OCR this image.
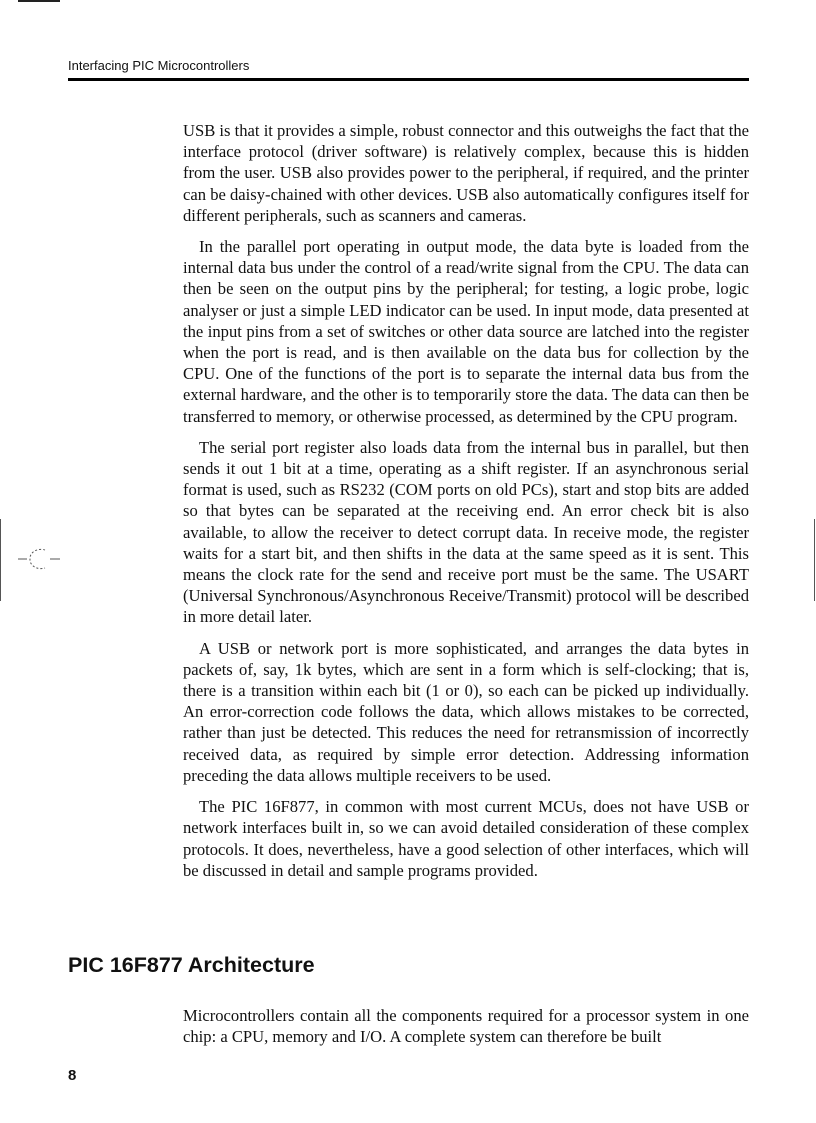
Interfacing PIC Microcontrollers

USB is that it provides a simple, robust connector and this outweighs the fact that the interface protocol (driver software) is relatively complex, because this is hidden from the user. USB also provides power to the peripheral, if required, and the printer can be daisy-chained with other devices. USB also automatically configures itself for different peripherals, such as scanners and cameras.

In the parallel port operating in output mode, the data byte is loaded from the internal data bus under the control of a read/write signal from the CPU. The data can then be seen on the output pins by the peripheral; for testing, a logic probe, logic analyser or just a simple LED indicator can be used. In input mode, data presented at the input pins from a set of switches or other data source are latched into the register when the port is read, and is then available on the data bus for collection by the CPU. One of the functions of the port is to separate the internal data bus from the external hardware, and the other is to temporarily store the data. The data can then be transferred to memory, or otherwise processed, as determined by the CPU program.

The serial port register also loads data from the internal bus in parallel, but then sends it out 1 bit at a time, operating as a shift register. If an asynchronous serial format is used, such as RS232 (COM ports on old PCs), start and stop bits are added so that bytes can be separated at the receiving end. An error check bit is also available, to allow the receiver to detect corrupt data. In receive mode, the register waits for a start bit, and then shifts in the data at the same speed as it is sent. This means the clock rate for the send and receive port must be the same. The USART (Universal Synchronous/Asynchronous Receive/Transmit) protocol will be described in more detail later.

A USB or network port is more sophisticated, and arranges the data bytes in packets of, say, 1k bytes, which are sent in a form which is self-clocking; that is, there is a transition within each bit (1 or 0), so each can be picked up individually. An error-correction code follows the data, which allows mistakes to be corrected, rather than just be detected. This reduces the need for retransmission of incorrectly received data, as required by simple error detection. Addressing information preceding the data allows multiple receivers to be used.

The PIC 16F877, in common with most current MCUs, does not have USB or network interfaces built in, so we can avoid detailed consideration of these complex protocols. It does, nevertheless, have a good selection of other interfaces, which will be discussed in detail and sample programs provided.

PIC 16F877 Architecture

Microcontrollers contain all the components required for a processor system in one chip: a CPU, memory and I/O. A complete system can therefore be built

8
